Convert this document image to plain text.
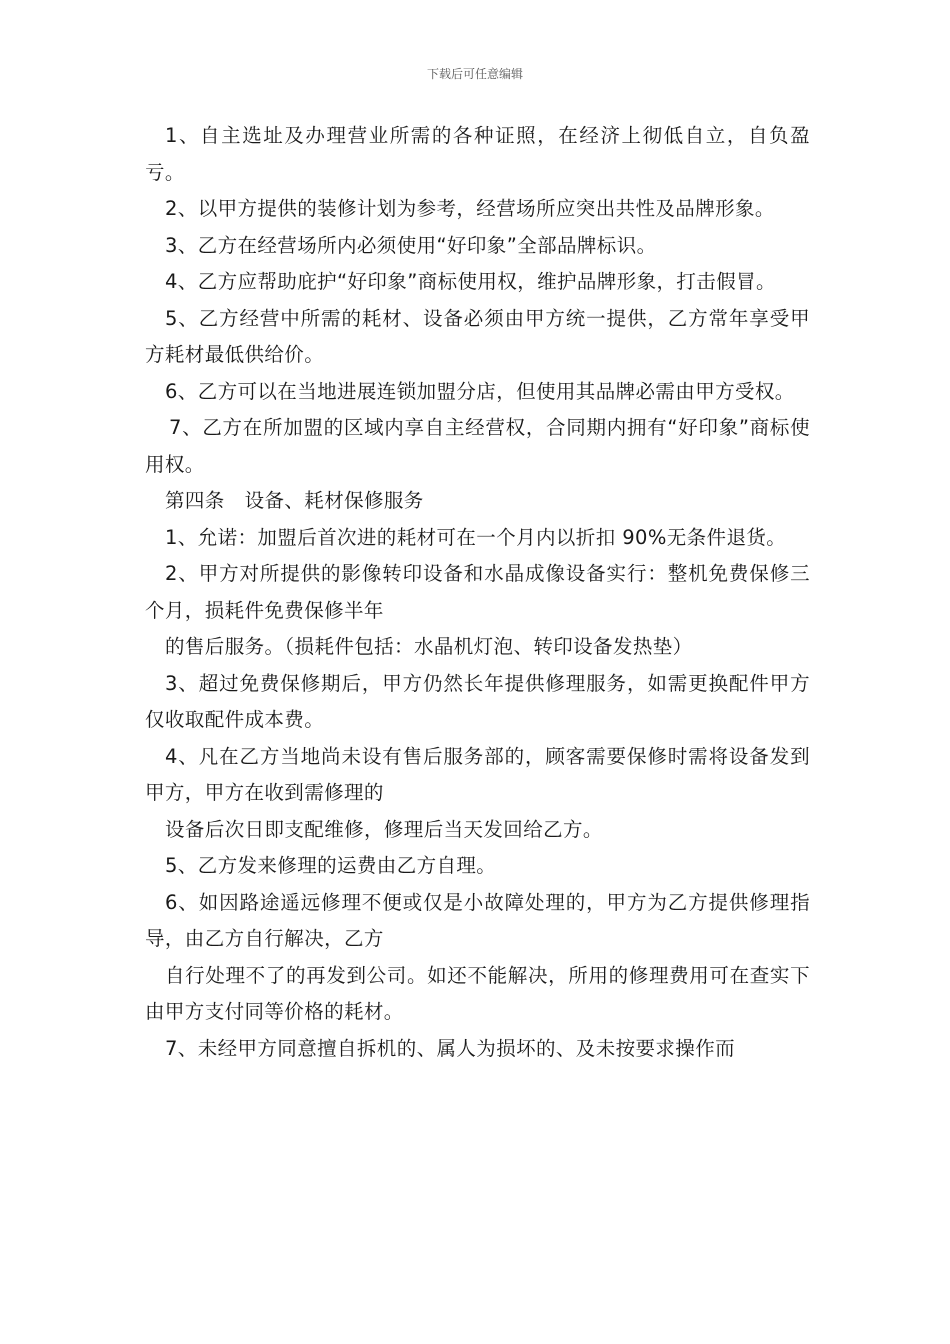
下载后可任意编辑

1、自主选址及办理营业所需的各种证照，在经济上彻低自立，自负盈亏。

2、以甲方提供的装修计划为参考，经营场所应突出共性及品牌形象。

3、乙方在经营场所内必须使用“好印象”全部品牌标识。

4、乙方应帮助庇护“好印象”商标使用权，维护品牌形象，打击假冒。

5、乙方经营中所需的耗材、设备必须由甲方统一提供，乙方常年享受甲方耗材最低供给价。

6、乙方可以在当地进展连锁加盟分店，但使用其品牌必需由甲方受权。

7、乙方在所加盟的区域内享自主经营权，合同期内拥有“好印象”商标使用权。

第四条　设备、耗材保修服务

1、允诺：加盟后首次进的耗材可在一个月内以折扣 90%无条件退货。

2、甲方对所提供的影像转印设备和水晶成像设备实行：整机免费保修三个月，损耗件免费保修半年

的售后服务。（损耗件包括：水晶机灯泡、转印设备发热垫）

3、超过免费保修期后，甲方仍然长年提供修理服务，如需更换配件甲方仅收取配件成本费。

4、凡在乙方当地尚未设有售后服务部的，顾客需要保修时需将设备发到甲方，甲方在收到需修理的

设备后次日即支配维修，修理后当天发回给乙方。

5、乙方发来修理的运费由乙方自理。

6、如因路途遥远修理不便或仅是小故障处理的，甲方为乙方提供修理指导，由乙方自行解决，乙方

自行处理不了的再发到公司。如还不能解决，所用的修理费用可在查实下由甲方支付同等价格的耗材。

7、未经甲方同意擅自拆机的、属人为损坏的、及未按要求操作而
